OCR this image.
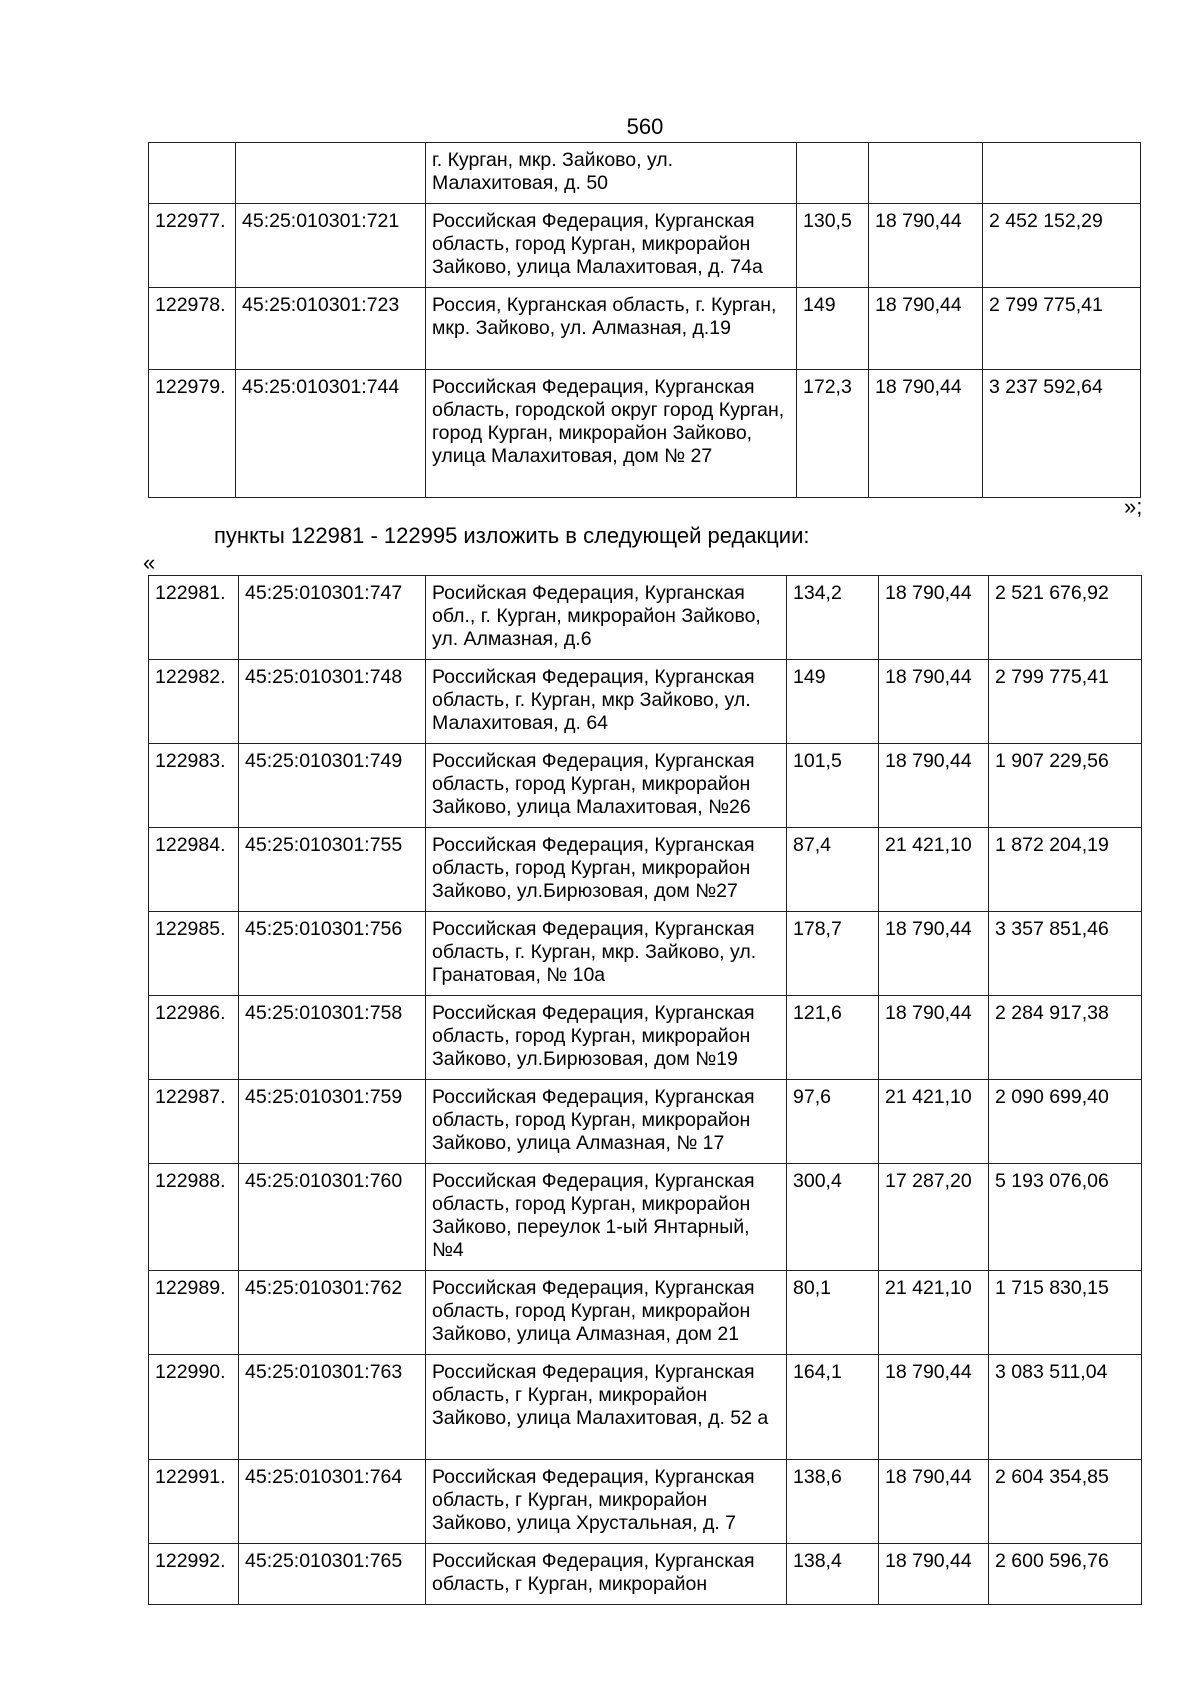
560
		г. Курган, мкр. Зайково, ул. Малахитовая, д. 50			
122977.	45:25:010301:721	Российская Федерация, Курганская область, город Курган, микрорайон Зайково, улица Малахитовая, д. 74а	130,5	18 790,44	2 452 152,29
122978.	45:25:010301:723	Россия, Курганская область, г. Курган, мкр. Зайково, ул. Алмазная, д.19	149	18 790,44	2 799 775,41
122979.	45:25:010301:744	Российская Федерация, Курганская область, городской округ город Курган, город Курган, микрорайон Зайково, улица Малахитовая, дом № 27	172,3	18 790,44	3 237 592,64
»;
пункты 122981 - 122995 изложить в следующей редакции:
«
122981.	45:25:010301:747	Росийская Федерация, Курганская обл., г. Курган, микрорайон Зайково, ул. Алмазная, д.6	134,2	18 790,44	2 521 676,92
122982.	45:25:010301:748	Российская Федерация, Курганская область, г. Курган, мкр Зайково, ул. Малахитовая, д. 64	149	18 790,44	2 799 775,41
122983.	45:25:010301:749	Российская Федерация, Курганская область, город Курган, микрорайон Зайково, улица Малахитовая, №26	101,5	18 790,44	1 907 229,56
122984.	45:25:010301:755	Российская Федерация, Курганская область, город Курган, микрорайон Зайково, ул.Бирюзовая, дом №27	87,4	21 421,10	1 872 204,19
122985.	45:25:010301:756	Российская Федерация, Курганская область, г. Курган, мкр. Зайково, ул. Гранатовая, № 10а	178,7	18 790,44	3 357 851,46
122986.	45:25:010301:758	Российская Федерация, Курганская область, город Курган, микрорайон Зайково, ул.Бирюзовая, дом №19	121,6	18 790,44	2 284 917,38
122987.	45:25:010301:759	Российская Федерация, Курганская область, город Курган, микрорайон Зайково, улица Алмазная, № 17	97,6	21 421,10	2 090 699,40
122988.	45:25:010301:760	Российская Федерация, Курганская область, город Курган, микрорайон Зайково, переулок 1-ый Янтарный, №4	300,4	17 287,20	5 193 076,06
122989.	45:25:010301:762	Российская Федерация, Курганская область, город Курган, микрорайон Зайково, улица Алмазная, дом 21	80,1	21 421,10	1 715 830,15
122990.	45:25:010301:763	Российская Федерация, Курганская область, г Курган, микрорайон Зайково, улица Малахитовая, д. 52 а	164,1	18 790,44	3 083 511,04
122991.	45:25:010301:764	Российская Федерация, Курганская область, г Курган, микрорайон Зайково, улица Хрустальная, д. 7	138,6	18 790,44	2 604 354,85
122992.	45:25:010301:765	Российская Федерация, Курганская область, г Курган, микрорайон	138,4	18 790,44	2 600 596,76
